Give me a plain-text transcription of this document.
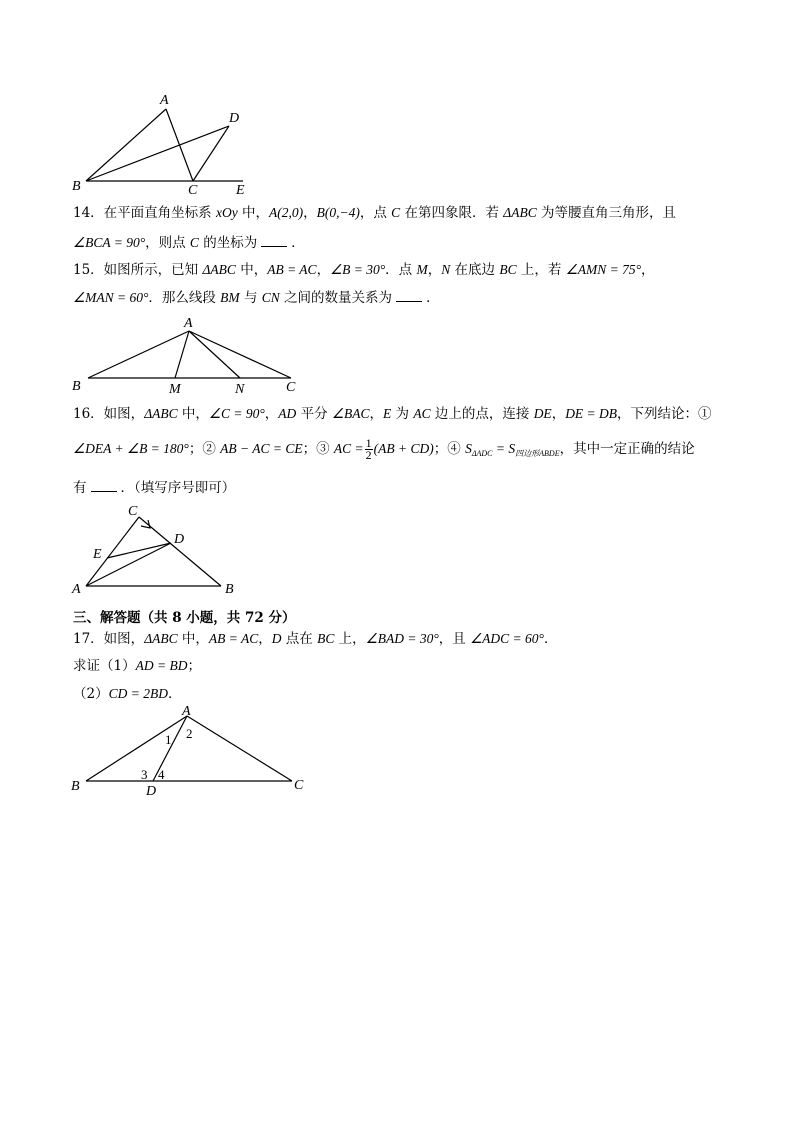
A
D
B	C	E
14．在平面直角坐标系 xOy 中，A(2,0)，B(0,−4)，点 C 在第四象限．若 ΔABC 为等腰直角三角形，且
∠BCA = 90°，则点 C 的坐标为	．
15．如图所示，已知 ΔABC 中，AB = AC，∠B = 30°．点 M，N 在底边 BC 上，若 ∠AMN = 75°，
∠MAN = 60°．那么线段 BM 与 CN 之间的数量关系为	．
A
B	M	N	C
16．如图，ΔABC 中，∠C = 90°，AD 平分 ∠BAC，E 为 AC 边上的点，连接 DE，DE = DB，下列结论：①
∠DEA + ∠B = 180°；② AB − AC = CE；③ AC = $\frac{1}{2} (AB + CD)$；④ $S_{\Delta ADC} = S_{四边形ABDE}$，其中一定正确的结论
有	．（填写序号即可）
C
D
E
A	B
三、解答题（共 8 小题，共 72 分）
17．如图，ΔABC 中，AB = AC，D 点在 BC 上，∠BAD = 30°，且 ∠ADC = 60°．
求证（1）AD = BD；
（2）CD = 2BD．
A
B	D	C
1 2
3 4
